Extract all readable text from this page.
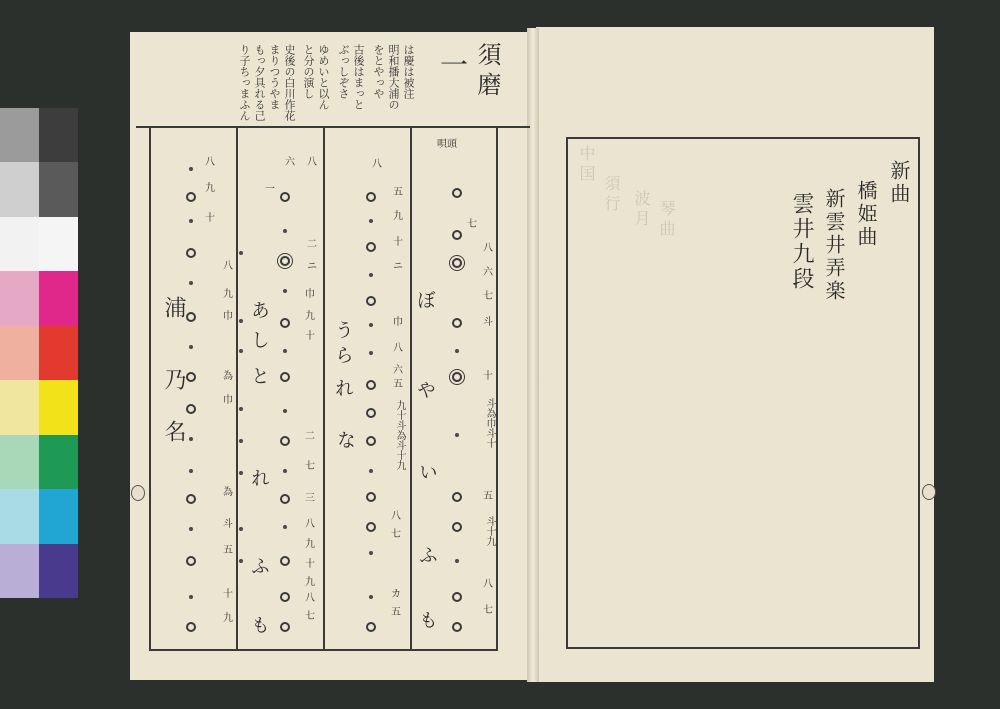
須磨
一
は慶は被注
明和播大浦の
をとやっや
古後はまっと
ぶっしぞさ
ゆめいと以ん
と分の演し
史後の白川作花
まりつうやま
もっ夕具れる己
り子ちっまふん
唄頭
ぼ
や
い
ふ
も
七
八
六
七
斗
十
斗為巾斗十
五
斗十九
八
七
う
ら
れ
な
八
五
九
十
ニ
巾
八
六
五
九十斗為斗十九
八
七
カ
五
あ
し
と
れ
ふ
も
六	八
二
ニ
一
巾
九
十
二
七
三
八
九
十
九
八
七
浦
乃
名
八
九
十
八
九
巾
為
巾
為
斗
五
十
九
中国
須行 波月 琴曲
新曲
橋姫曲
新雲井弄楽
雲井九段
